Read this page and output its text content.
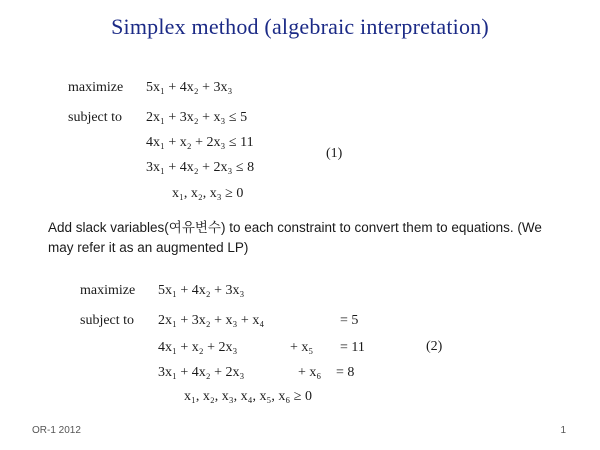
Simplex method (algebraic interpretation)
maximize 5x₁ + 4x₂ + 3x₃
subject to 2x₁ + 3x₂ + x₃ ≤ 5
4x₁ + x₂ + 2x₃ ≤ 11
3x₁ + 4x₂ + 2x₃ ≤ 8
x₁, x₂, x₃ ≥ 0
(1)
Add slack variables(여유변수) to each constraint to convert them to equations. (We may refer it as an augmented LP)
maximize 5x₁ + 4x₂ + 3x₃
subject to 2x₁ + 3x₂ + x₃ + x₄	= 5
4x₁ + x₂ + 2x₃	+ x₅ = 11
3x₁ + 4x₂ + 2x₃	+ x₆ = 8
x₁, x₂, x₃, x₄, x₅, x₆ ≥ 0
(2)
OR-1 2012	1
